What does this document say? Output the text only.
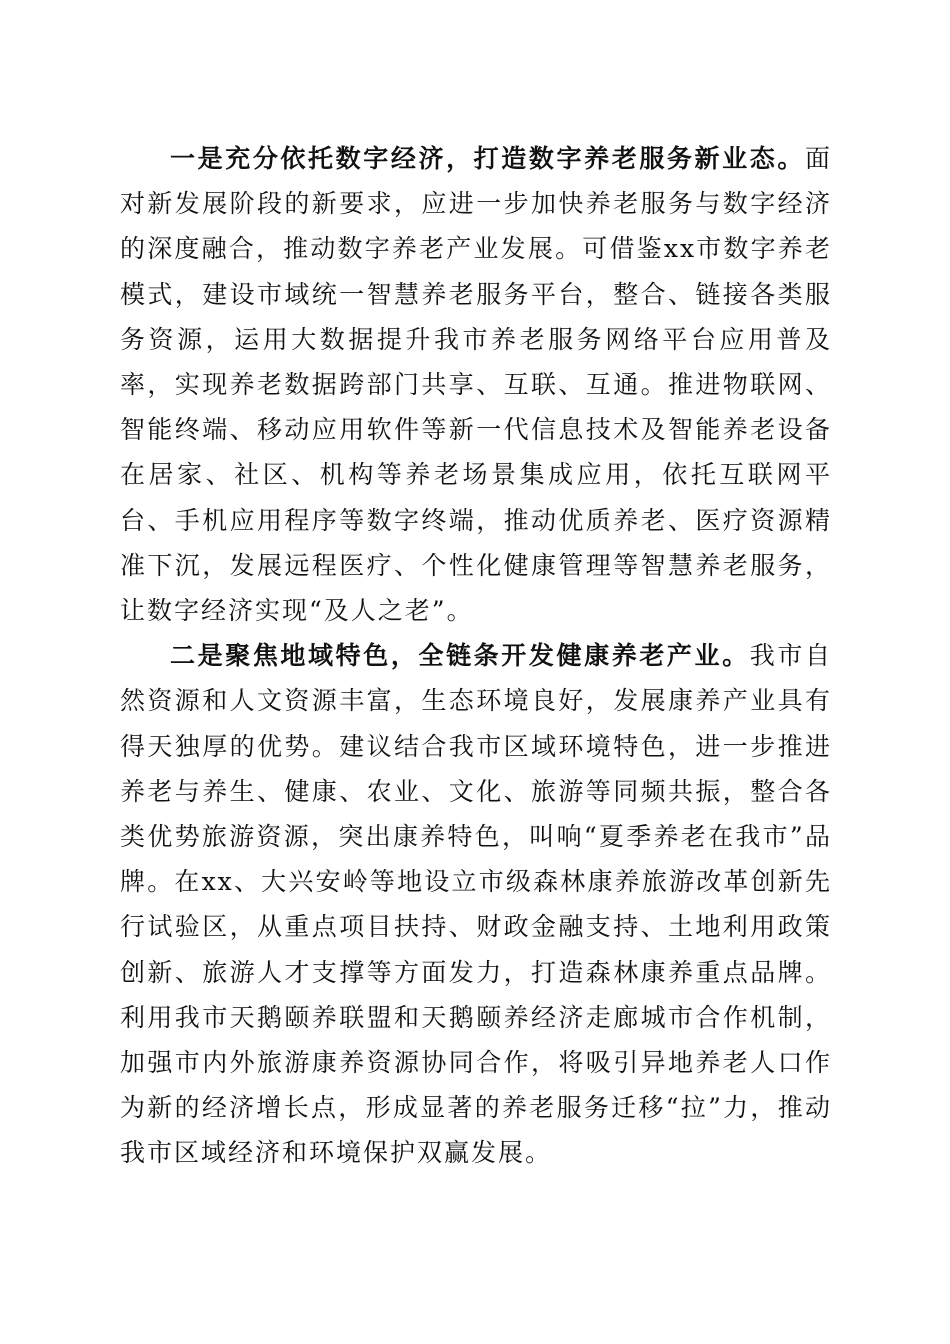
一是充分依托数字经济，打造数字养老服务新业态。面对新发展阶段的新要求，应进一步加快养老服务与数字经济的深度融合，推动数字养老产业发展。可借鉴xx市数字养老模式，建设市域统一智慧养老服务平台，整合、链接各类服务资源，运用大数据提升我市养老服务网络平台应用普及率，实现养老数据跨部门共享、互联、互通。推进物联网、智能终端、移动应用软件等新一代信息技术及智能养老设备在居家、社区、机构等养老场景集成应用，依托互联网平台、手机应用程序等数字终端，推动优质养老、医疗资源精准下沉，发展远程医疗、个性化健康管理等智慧养老服务，让数字经济实现“及人之老”。

二是聚焦地域特色，全链条开发健康养老产业。我市自然资源和人文资源丰富，生态环境良好，发展康养产业具有得天独厚的优势。建议结合我市区域环境特色，进一步推进养老与养生、健康、农业、文化、旅游等同频共振，整合各类优势旅游资源，突出康养特色，叫响“夏季养老在我市”品牌。在xx、大兴安岭等地设立市级森林康养旅游改革创新先行试验区，从重点项目扶持、财政金融支持、土地利用政策创新、旅游人才支撑等方面发力，打造森林康养重点品牌。利用我市天鹅颐养联盟和天鹅颐养经济走廊城市合作机制，加强市内外旅游康养资源协同合作，将吸引异地养老人口作为新的经济增长点，形成显著的养老服务迁移“拉”力，推动我市区域经济和环境保护双赢发展。
